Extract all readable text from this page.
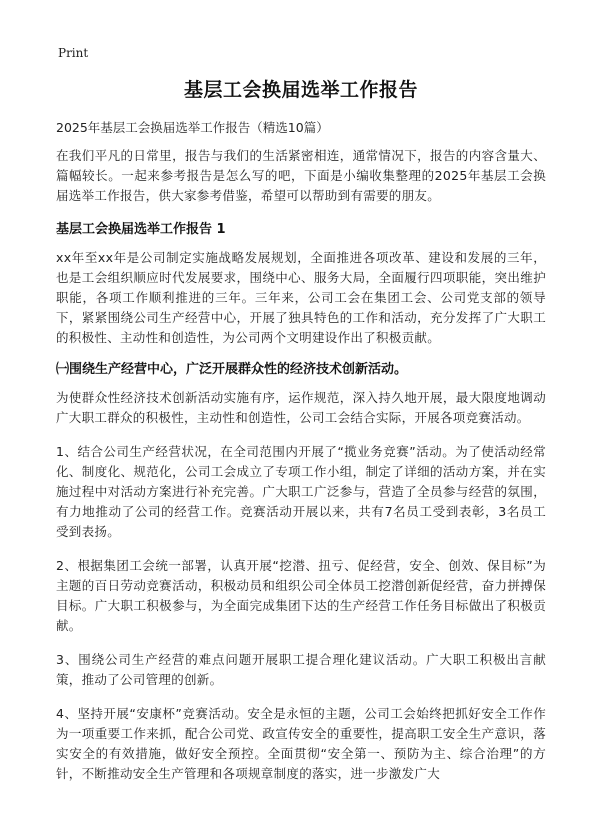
Print
基层工会换届选举工作报告

2025年基层工会换届选举工作报告（精选10篇）

在我们平凡的日常里，报告与我们的生活紧密相连，通常情况下，报告的内容含量大、篇幅较长。一起来参考报告是怎么写的吧，下面是小编收集整理的2025年基层工会换届选举工作报告，供大家参考借鉴，希望可以帮助到有需要的朋友。

基层工会换届选举工作报告 1

xx年至xx年是公司制定实施战略发展规划，全面推进各项改革、建设和发展的三年，也是工会组织顺应时代发展要求，围绕中心、服务大局，全面履行四项职能，突出维护职能，各项工作顺利推进的三年。三年来，公司工会在集团工会、公司党支部的领导下，紧紧围绕公司生产经营中心，开展了独具特色的工作和活动，充分发挥了广大职工的积极性、主动性和创造性，为公司两个文明建设作出了积极贡献。

㈠围绕生产经营中心，广泛开展群众性的经济技术创新活动。

为使群众性经济技术创新活动实施有序，运作规范，深入持久地开展，最大限度地调动广大职工群众的积极性，主动性和创造性，公司工会结合实际，开展各项竞赛活动。

1、结合公司生产经营状况，在全司范围内开展了“揽业务竞赛”活动。为了使活动经常化、制度化、规范化，公司工会成立了专项工作小组，制定了详细的活动方案，并在实施过程中对活动方案进行补充完善。广大职工广泛参与，营造了全员参与经营的氛围，有力地推动了公司的经营工作。竞赛活动开展以来，共有7名员工受到表彰，3名员工受到表扬。

2、根据集团工会统一部署，认真开展“挖潜、扭亏、促经营，安全、创效、保目标”为主题的百日劳动竞赛活动，积极动员和组织公司全体员工挖潜创新促经营，奋力拼搏保目标。广大职工积极参与，为全面完成集团下达的生产经营工作任务目标做出了积极贡献。

3、围绕公司生产经营的难点问题开展职工提合理化建议活动。广大职工积极出言献策，推动了公司管理的创新。

4、坚持开展“安康杯”竞赛活动。安全是永恒的主题，公司工会始终把抓好安全工作作为一项重要工作来抓，配合公司党、政宣传安全的重要性，提高职工安全生产意识，落实安全的有效措施，做好安全预控。全面贯彻“安全第一、预防为主、综合治理”的方针，不断推动安全生产管理和各项规章制度的落实，进一步激发广大
